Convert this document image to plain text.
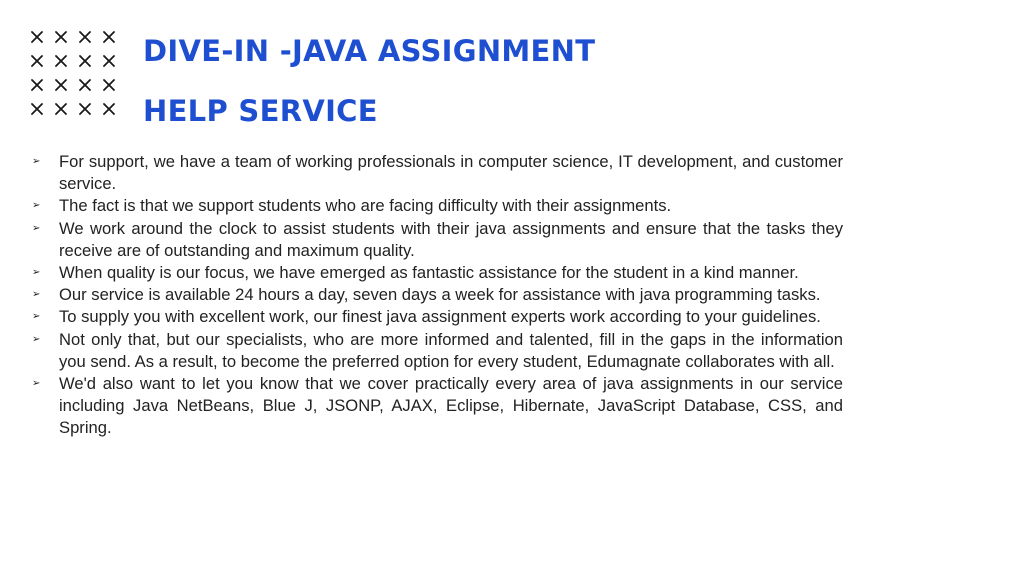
DIVE-IN -JAVA ASSIGNMENT
HELP SERVICE
➢ For support, we have a team of working professionals in computer science, IT development, and customer service.
➢ The fact is that we support students who are facing difficulty with their assignments.
➢ We work around the clock to assist students with their java assignments and ensure that the tasks they receive are of outstanding and maximum quality.
➢ When quality is our focus, we have emerged as fantastic assistance for the student in a kind manner.
➢ Our service is available 24 hours a day, seven days a week for assistance with java programming tasks.
➢ To supply you with excellent work, our finest java assignment experts work according to your guidelines.
➢ Not only that, but our specialists, who are more informed and talented, fill in the gaps in the information you send. As a result, to become the preferred option for every student, Edumagnate collaborates with all.
➢ We'd also want to let you know that we cover practically every area of java assignments in our service including Java NetBeans, Blue J, JSONP, AJAX, Eclipse, Hibernate, JavaScript Database, CSS, and Spring.
